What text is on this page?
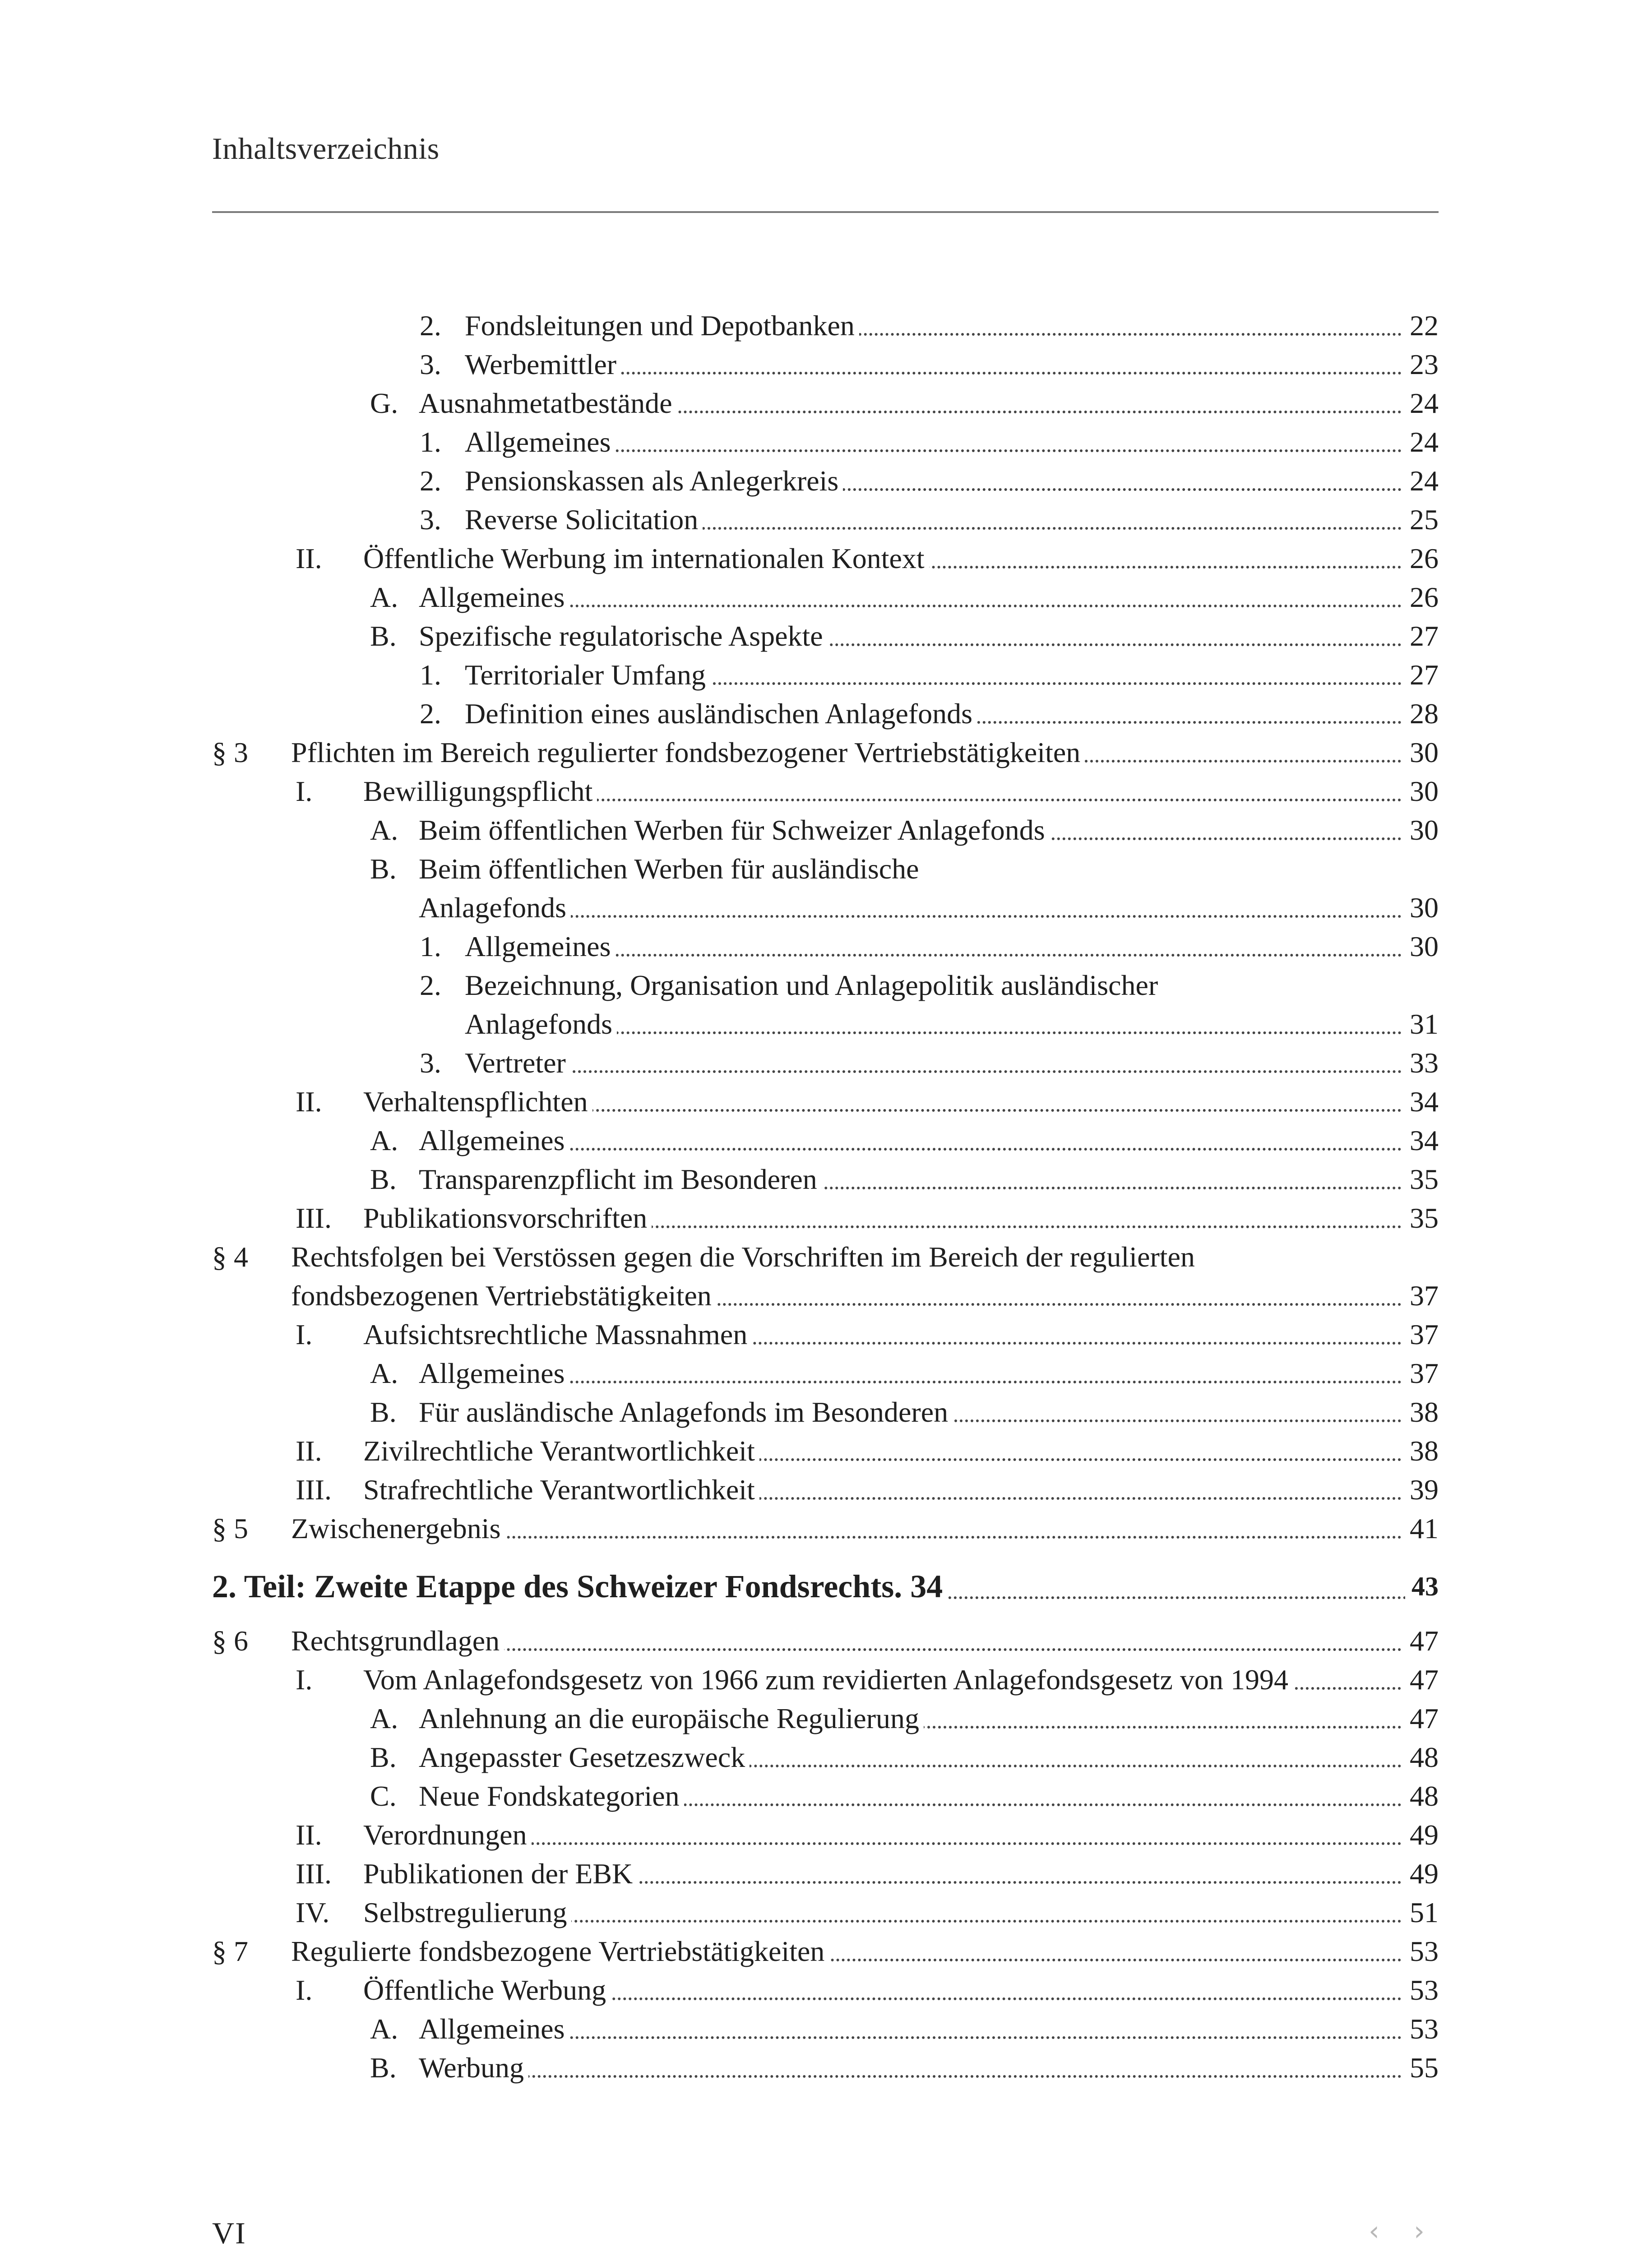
Inhaltsverzeichnis
2. Fondsleitungen und Depotbanken	22
3. Werbemittler	23
G. Ausnahmetatbestände	24
1. Allgemeines	24
2. Pensionskassen als Anlegerkreis	24
3. Reverse Solicitation	25
II. Öffentliche Werbung im internationalen Kontext	26
A. Allgemeines	26
B. Spezifische regulatorische Aspekte	27
1. Territorialer Umfang	27
2. Definition eines ausländischen Anlagefonds	28
§ 3 Pflichten im Bereich regulierter fondsbezogener Vertriebstätigkeiten	30
I. Bewilligungspflicht	30
A. Beim öffentlichen Werben für Schweizer Anlagefonds	30
B. Beim öffentlichen Werben für ausländische
Anlagefonds	30
1. Allgemeines	30
2. Bezeichnung, Organisation und Anlagepolitik ausländischer
Anlagefonds	31
3. Vertreter	33
II. Verhaltenspflichten	34
A. Allgemeines	34
B. Transparenzpflicht im Besonderen	35
III. Publikationsvorschriften	35
§ 4 Rechtsfolgen bei Verstössen gegen die Vorschriften im Bereich der regulierten
fondsbezogenen Vertriebstätigkeiten	37
I. Aufsichtsrechtliche Massnahmen	37
A. Allgemeines	37
B. Für ausländische Anlagefonds im Besonderen	38
II. Zivilrechtliche Verantwortlichkeit	38
III. Strafrechtliche Verantwortlichkeit	39
§ 5 Zwischenergebnis	41
2. Teil: Zweite Etappe des Schweizer Fondsrechts. 34	43
§ 6 Rechtsgrundlagen	47
I. Vom Anlagefondsgesetz von 1966 zum revidierten Anlagefondsgesetz von 1994	47
A. Anlehnung an die europäische Regulierung	47
B. Angepasster Gesetzeszweck	48
C. Neue Fondskategorien	48
II. Verordnungen	49
III. Publikationen der EBK	49
IV. Selbstregulierung	51
§ 7 Regulierte fondsbezogene Vertriebstätigkeiten	53
I. Öffentliche Werbung	53
A. Allgemeines	53
B. Werbung	55
VI	‹	›
